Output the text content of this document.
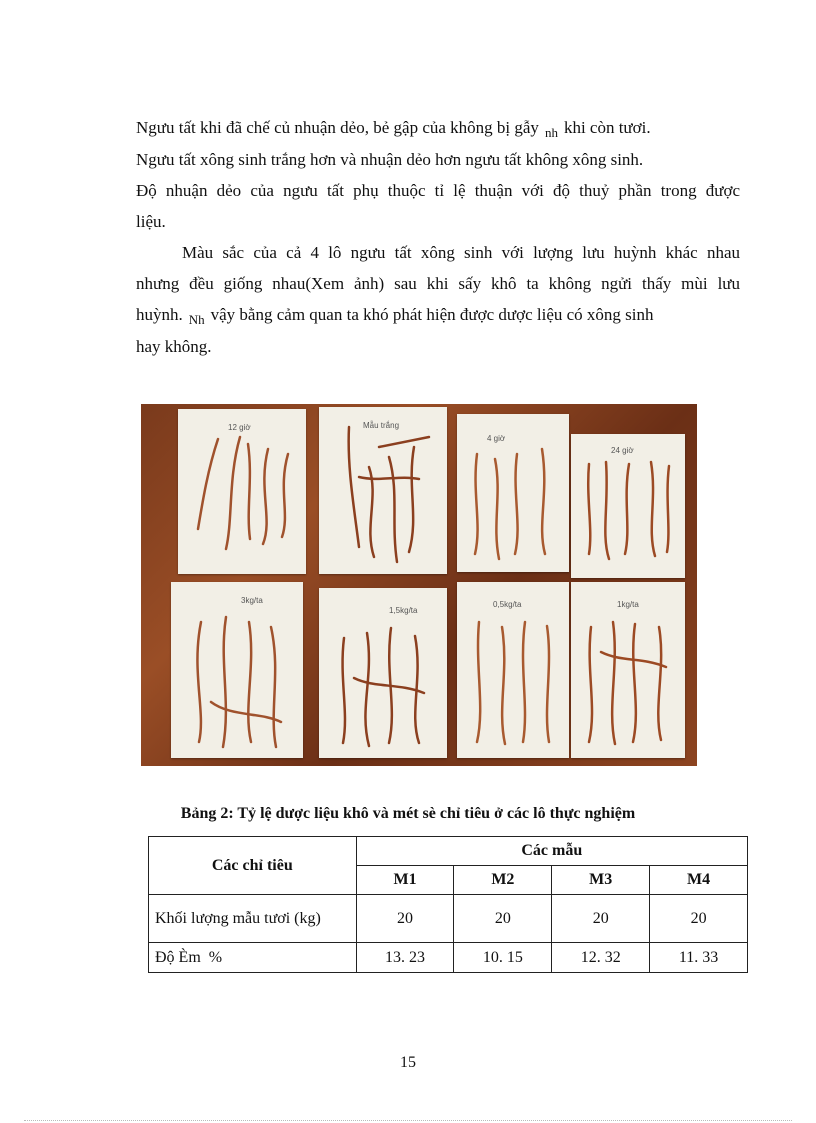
Ngưu tất khi đã chế củ nhuận dẻo, bẻ gập của không bị gẫy $_{nh}$ khi còn tươi.
Ngưu tất xông sinh trắng hơn và nhuận dẻo hơn ngưu tất không xông sinh.
Độ nhuận dẻo của ngưu tất phụ thuộc tỉ lệ thuận với độ thuỷ phần trong được
liệu.
Màu sắc của cả 4 lô ngưu tất xông sinh với lượng lưu huỳnh khác nhau
nhưng đều giống nhau(Xem ảnh) sau khi sấy khô ta không ngửi thấy mùi lưu
huỳnh. $_{Nh}$ vậy bằng cảm quan ta khó phát hiện được dược liệu có xông sinh
hay không.
12 giờ	Mẫu trắng
4 giờ
24 giờ
3kg/ta
1,5kg/ta
0,5kg/ta	1kg/ta
Bảng 2: Tỷ lệ dược liệu khô và mét sè chỉ tiêu ở các lô thực nghiệm
Các chỉ tiêu	Các mẫu			
	M1	M2	M3	M4
Khối lượng mẫu tươi (kg)	20	20	20	20
Độ Èm  %	13. 23	10. 15	12. 32	11. 33
15
